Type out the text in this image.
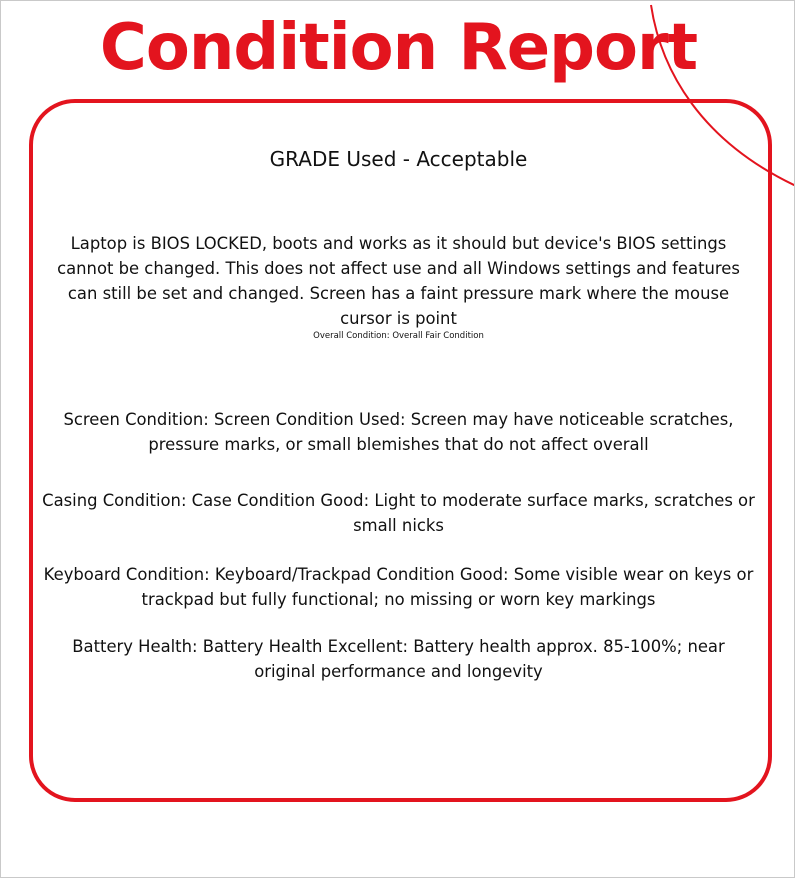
Condition Report
GRADE Used - Acceptable
Laptop is BIOS LOCKED, boots and works as it should but device's BIOS settings cannot be changed. This does not affect use and all Windows settings and features can still be set and changed. Screen has a faint pressure mark where the mouse cursor is point
Overall Condition: Overall Fair Condition
Screen Condition: Screen Condition Used: Screen may have noticeable scratches, pressure marks, or small blemishes that do not affect overall
Casing Condition: Case Condition Good: Light to moderate surface marks, scratches or small nicks
Keyboard Condition: Keyboard/Trackpad Condition Good: Some visible wear on keys or trackpad but fully functional; no missing or worn key markings
Battery Health: Battery Health Excellent: Battery health approx. 85-100%; near original performance and longevity
